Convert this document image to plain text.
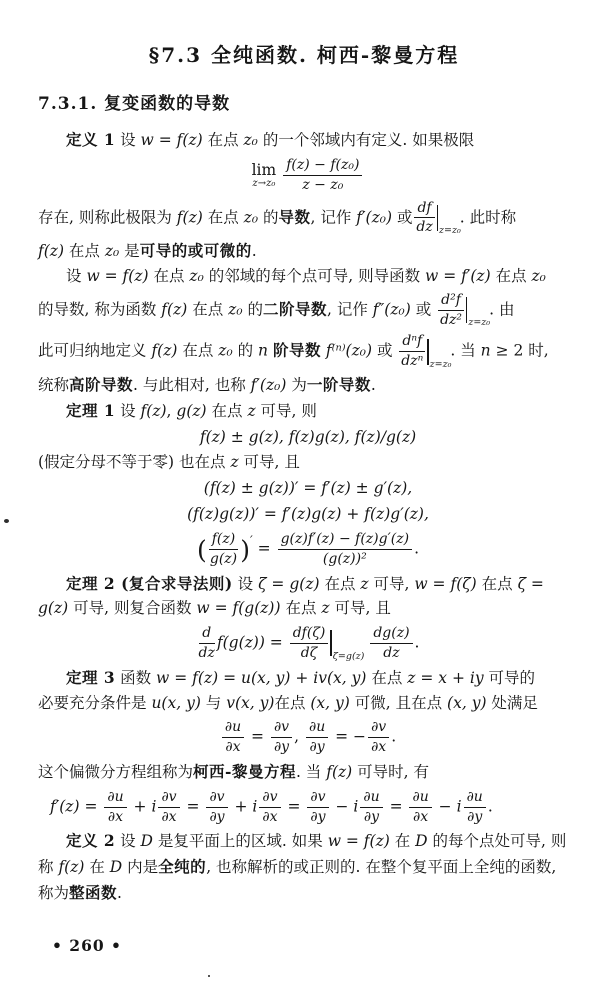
§7.3 全纯函数. 柯西-黎曼方程
7.3.1. 复变函数的导数
定义 1 设 w = f(z) 在点 z₀ 的一个邻域内有定义. 如果极限
lim
$z\to z_0 \frac{\text{f(z) − f(z₀)}}{\text{z − z₀}}$
存在, 则称此极限为 f(z) 在点 z₀ 的导数, 记作 f′(z₀) 或 $\frac{df}{dz} _{z=z_0}$. 此时称
f(z) 在点 z₀ 是可导的或可微的.
设 w = f(z) 在点 z₀ 的邻域的每个点可导, 则导函数 w = f′(z) 在点 z₀
的导数, 称为函数 f(z) 在点 z₀ 的二阶导数, 记作 f″(z₀) 或 $\frac{\text{d²f}}{\text{dz²}} _{z=z_0}$. 由
此可归纳地定义 f(z) 在点 z₀ 的 n 阶导数 f⁽ⁿ⁾(z₀) 或 $\frac{\text{dⁿf}}{\text{dzⁿ}} _{z=z_0}$. 当 n ≥ 2 时,
统称高阶导数. 与此相对, 也称 f′(z₀) 为一阶导数.
定理 1 设 f(z), g(z) 在点 z 可导, 则
f(z) ± g(z), f(z)g(z), f(z)/g(z)
(假定分母不等于零) 也在点 z 可导, 且
(f(z) ± g(z))′ = f′(z) ± g′(z),
(f(z)g(z))′ = f′(z)g(z) + f(z)g′(z),
( $\frac{f(z)}{g(z)} )' = \frac{g(z)f'(z) - f(z)g'(z)}{\text{(g(z))²}}$ .
定理 2 (复合求导法则) 设 ζ = g(z) 在点 z 可导, w = f(ζ) 在点 ζ =
g(z) 可导, 则复合函数 w = f(g(z)) 在点 z 可导, 且
$\frac{d}{dz} f(g(z)) = \frac{df(\zeta)}{d\zeta} _{\zeta=g(z)} \frac{dg(z)}{dz}$ .
定理 3 函数 w = f(z) = u(x, y) + iv(x, y) 在点 z = x + iy 可导的
必要充分条件是 u(x, y) 与 v(x, y)在点 (x, y) 可微, 且在点 (x, y) 处满足
$\frac{\partial u}{\partial x} = \frac{\partial v}{\partial y}$ , $\frac{\partial u}{\partial y}$ = − $\frac{\partial v}{\partial x}$ .
这个偏微分方程组称为柯西-黎曼方程. 当 f(z) 可导时, 有
$f'(z) = \frac{\partial u}{\partial x} + i \frac{\partial v}{\partial x} = \frac{\partial v}{\partial y} + i \frac{\partial v}{\partial x} = \frac{\partial v}{\partial y} - i \frac{\partial u}{\partial y} = \frac{\partial u}{\partial x} - i \frac{\partial u}{\partial y}$ .
定义 2 设 D 是复平面上的区域. 如果 w = f(z) 在 D 的每个点处可导, 则
称 f(z) 在 D 内是全纯的, 也称解析的或正则的. 在整个复平面上全纯的函数,
称为整函数.
• 260 •
